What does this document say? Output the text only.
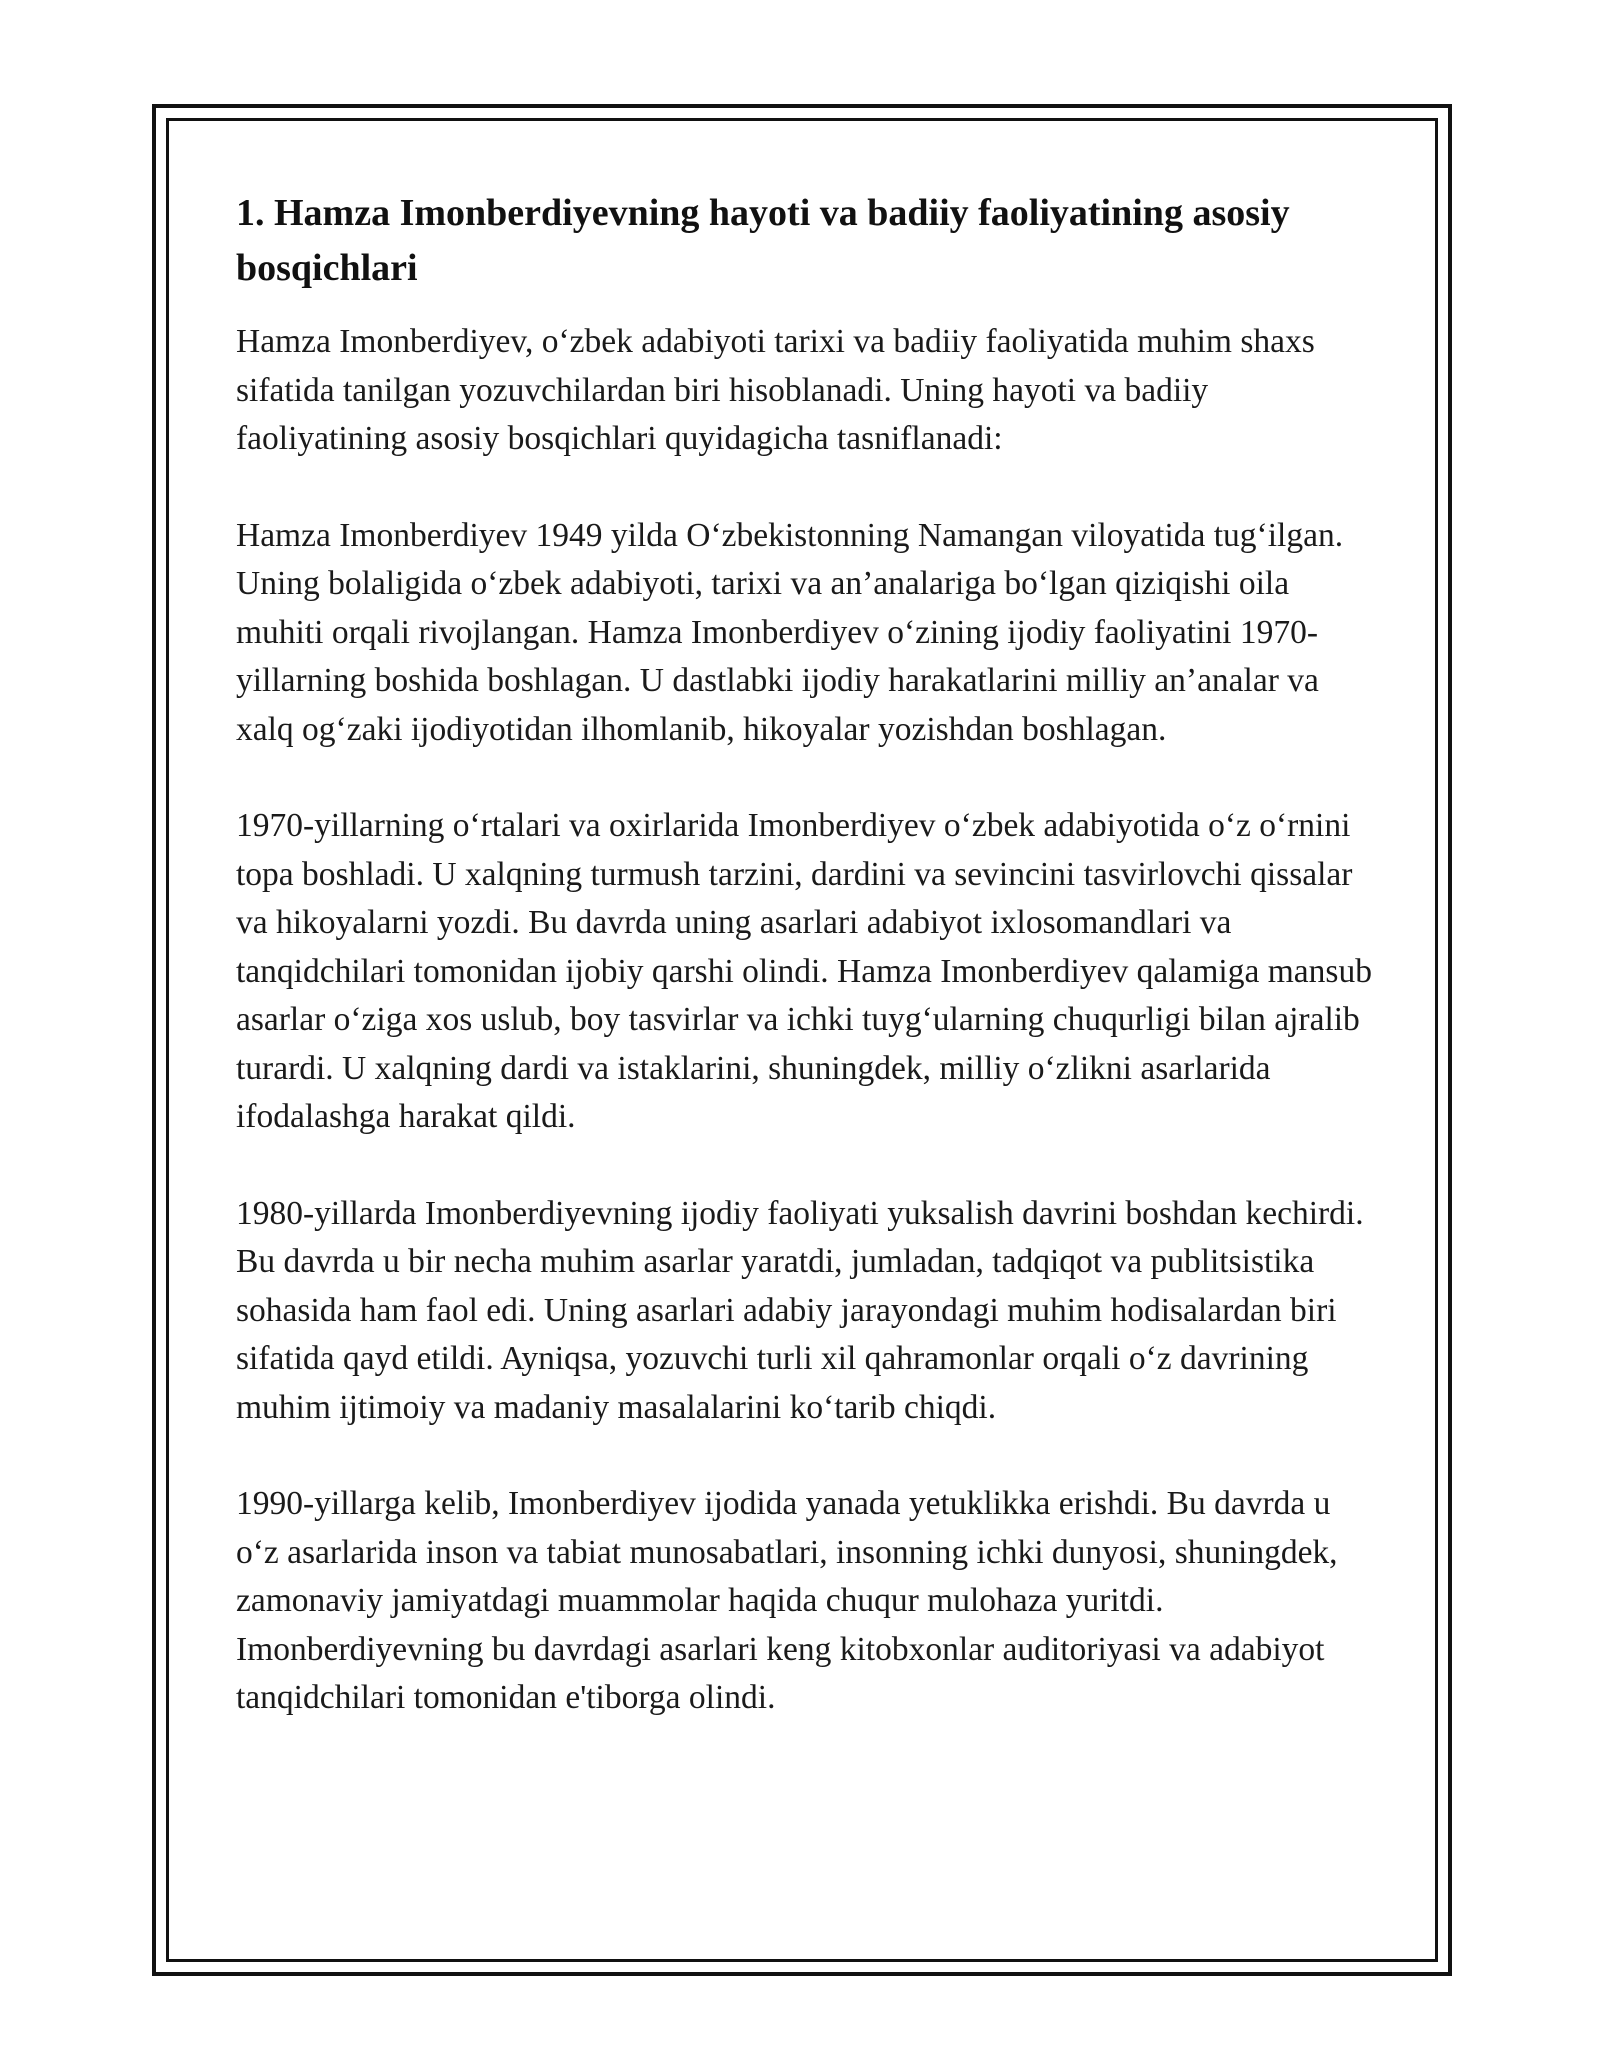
1. Hamza Imonberdiyevning hayoti va badiiy faoliyatining asosiy bosqichlari

Hamza Imonberdiyev, o‘zbek adabiyoti tarixi va badiiy faoliyatida muhim shaxs sifatida tanilgan yozuvchilardan biri hisoblanadi. Uning hayoti va badiiy faoliyatining asosiy bosqichlari quyidagicha tasniflanadi:

Hamza Imonberdiyev 1949 yilda O‘zbekistonning Namangan viloyatida tug‘ilgan. Uning bolaligida o‘zbek adabiyoti, tarixi va an’analariga bo‘lgan qiziqishi oila muhiti orqali rivojlangan. Hamza Imonberdiyev o‘zining ijodiy faoliyatini 1970-yillarning boshida boshlagan. U dastlabki ijodiy harakatlarini milliy an’analar va xalq og‘zaki ijodiyotidan ilhomlanib, hikoyalar yozishdan boshlagan.

1970-yillarning o‘rtalari va oxirlarida Imonberdiyev o‘zbek adabiyotida o‘z o‘rnini topa boshladi. U xalqning turmush tarzini, dardini va sevincini tasvirlovchi qissalar va hikoyalarni yozdi. Bu davrda uning asarlari adabiyot ixlosomandlari va tanqidchilari tomonidan ijobiy qarshi olindi. Hamza Imonberdiyev qalamiga mansub asarlar o‘ziga xos uslub, boy tasvirlar va ichki tuyg‘ularning chuqurligi bilan ajralib turardi. U xalqning dardi va istaklarini, shuningdek, milliy o‘zlikni asarlarida ifodalashga harakat qildi.

1980-yillarda Imonberdiyevning ijodiy faoliyati yuksalish davrini boshdan kechirdi. Bu davrda u bir necha muhim asarlar yaratdi, jumladan, tadqiqot va publitsistika sohasida ham faol edi. Uning asarlari adabiy jarayondagi muhim hodisalardan biri sifatida qayd etildi. Ayniqsa, yozuvchi turli xil qahramonlar orqali o‘z davrining muhim ijtimoiy va madaniy masalalarini ko‘tarib chiqdi.

1990-yillarga kelib, Imonberdiyev ijodida yanada yetuklikka erishdi. Bu davrda u o‘z asarlarida inson va tabiat munosabatlari, insonning ichki dunyosi, shuningdek, zamonaviy jamiyatdagi muammolar haqida chuqur mulohaza yuritdi. Imonberdiyevning bu davrdagi asarlari keng kitobxonlar auditoriyasi va adabiyot tanqidchilari tomonidan e'tiborga olindi.
